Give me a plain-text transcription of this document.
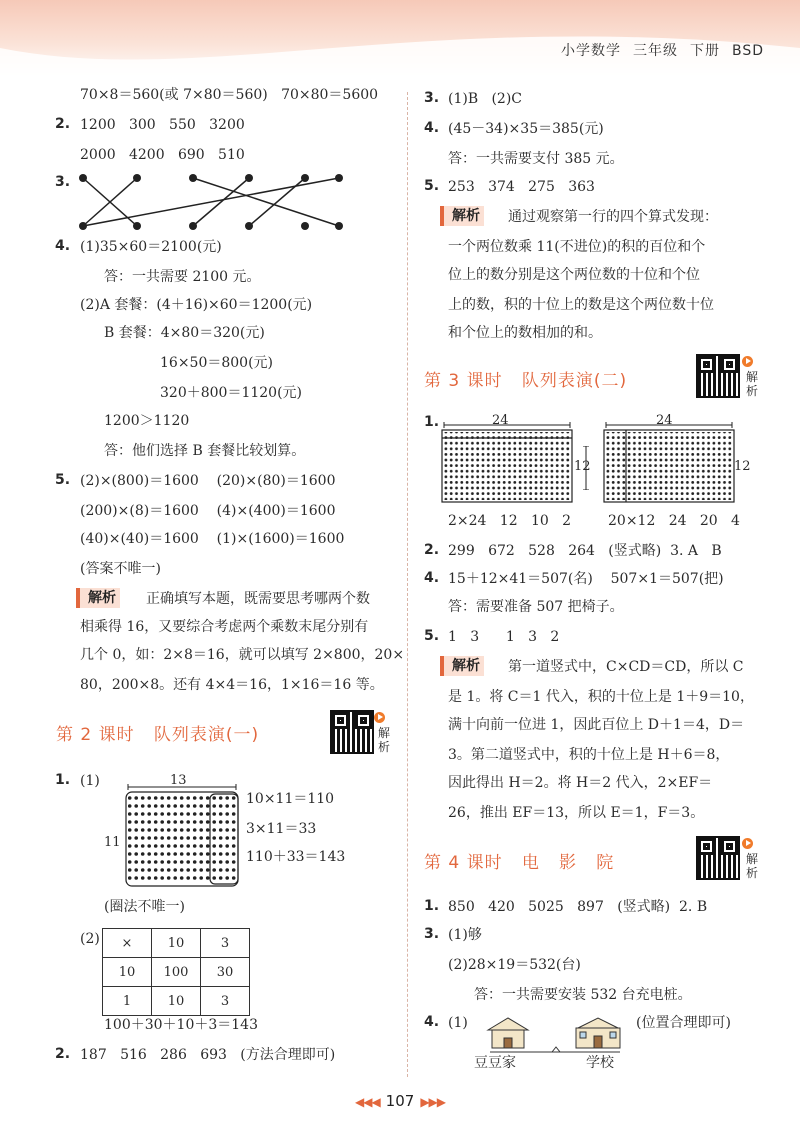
小学数学 三年级 下册 BSD
70×8＝560(或 7×80＝560)   70×80＝5600
2. 1200   300   550   3200
2000   4200   690   510
3.
4. (1)35×60＝2100(元)
答：一共需要 2100 元。
(2)A 套餐：(4＋16)×60＝1200(元)
B 套餐：4×80＝320(元)
16×50＝800(元)
320＋800＝1120(元)
1200＞1120
答：他们选择 B 套餐比较划算。
5. (2)×(800)＝1600    (20)×(80)＝1600
(200)×(8)＝1600    (4)×(400)＝1600
(40)×(40)＝1600    (1)×(1600)＝1600
(答案不唯一)
解析 正确填写本题，既需要思考哪两个数
相乘得 16，又要综合考虑两个乘数末尾分别有
几个 0，如：2×8＝16，就可以填写 2×800，20×
80，200×8。还有 4×4＝16，1×16＝16 等。
第 2 课时   队列表演(一)	解析
1. (1)	13
11
10×11＝110
3×11＝33
110＋33＝143
(圈法不唯一)
(2) ×	10	3
10	100	30
1	10	3
100＋30＋10＋3＝143
2. 187   516   286   693   (方法合理即可)
3. (1)B   (2)C
4. (45－34)×35＝385(元)
答：一共需要支付 385 元。
5. 253   374   275   363
解析 通过观察第一行的四个算式发现：
一个两位数乘 11(不进位)的积的百位和个
位上的数分别是这个两位数的十位和个位
上的数，积的十位上的数是这个两位数十位
和个位上的数相加的和。
第 3 课时   队列表演(二)	解析
1.	24
12
24
12
2×24   12   10   2	20×12   24   20   4
2. 299   672   528   264   (竖式略)  3. A   B
4. 15＋12×41＝507(名)    507×1＝507(把)
答：需要准备 507 把椅子。
5. 1   3      1   3   2
解析 第一道竖式中，C×CD＝CD，所以 C
是 1。将 C＝1 代入，积的十位上是 1＋9＝10，
满十向前一位进 1，因此百位上 D＋1＝4，D＝
3。第二道竖式中，积的十位上是 H＋6＝8，
因此得出 H＝2。将 H＝2 代入，2×EF＝
26，推出 EF＝13，所以 E＝1，F＝3。
第 4 课时   电   影   院	解析
1. 850   420   5025   897   (竖式略)  2. B
3. (1)够
(2)28×19＝532(台)
答：一共需要安装 532 台充电桩。
4. (1)	(位置合理即可)
豆豆家	学校
◀◀◀ 107 ▶▶▶
